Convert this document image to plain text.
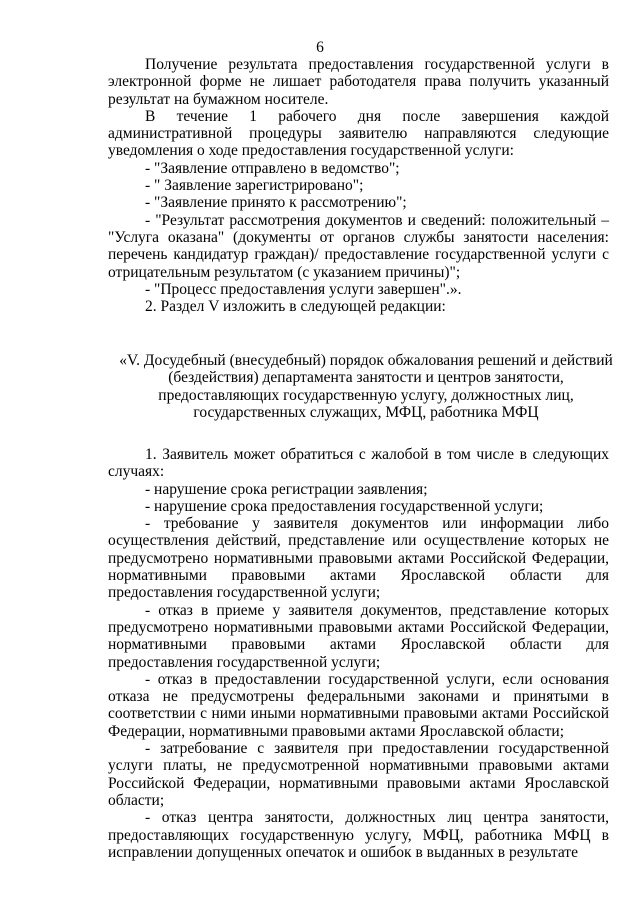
6

Получение результата предоставления государственной услуги в электронной форме не лишает работодателя права получить указанный результат на бумажном носителе.

В течение 1 рабочего дня после завершения каждой административной процедуры заявителю направляются следующие уведомления о ходе предоставления государственной услуги:

- "Заявление отправлено в ведомство";

- " Заявление зарегистрировано";

- "Заявление принято к рассмотрению";

- "Результат рассмотрения документов и сведений: положительный – "Услуга оказана" (документы от органов службы занятости населения: перечень кандидатур граждан)/ предоставление государственной услуги с отрицательным результатом (с указанием причины)";

- "Процесс предоставления услуги завершен".».

2. Раздел V изложить в следующей редакции:

«V. Досудебный (внесудебный) порядок обжалования решений и действий
(бездействия) департамента занятости и центров занятости,
предоставляющих государственную услугу, должностных лиц,
государственных служащих, МФЦ, работника МФЦ

1. Заявитель может обратиться с жалобой в том числе в следующих случаях:

- нарушение срока регистрации заявления;

- нарушение срока предоставления государственной услуги;

- требование у заявителя документов или информации либо осуществления действий, представление или осуществление которых не предусмотрено нормативными правовыми актами Российской Федерации, нормативными правовыми актами Ярославской области для предоставления государственной услуги;

- отказ в приеме у заявителя документов, представление которых предусмотрено нормативными правовыми актами Российской Федерации, нормативными правовыми актами Ярославской области для предоставления государственной услуги;

- отказ в предоставлении государственной услуги, если основания отказа не предусмотрены федеральными законами и принятыми в соответствии с ними иными нормативными правовыми актами Российской Федерации, нормативными правовыми актами Ярославской области;

- затребование с заявителя при предоставлении государственной услуги платы, не предусмотренной нормативными правовыми актами Российской Федерации, нормативными правовыми актами Ярославской области;

- отказ центра занятости, должностных лиц центра занятости, предоставляющих государственную услугу, МФЦ, работника МФЦ в исправлении допущенных опечаток и ошибок в выданных в результате
